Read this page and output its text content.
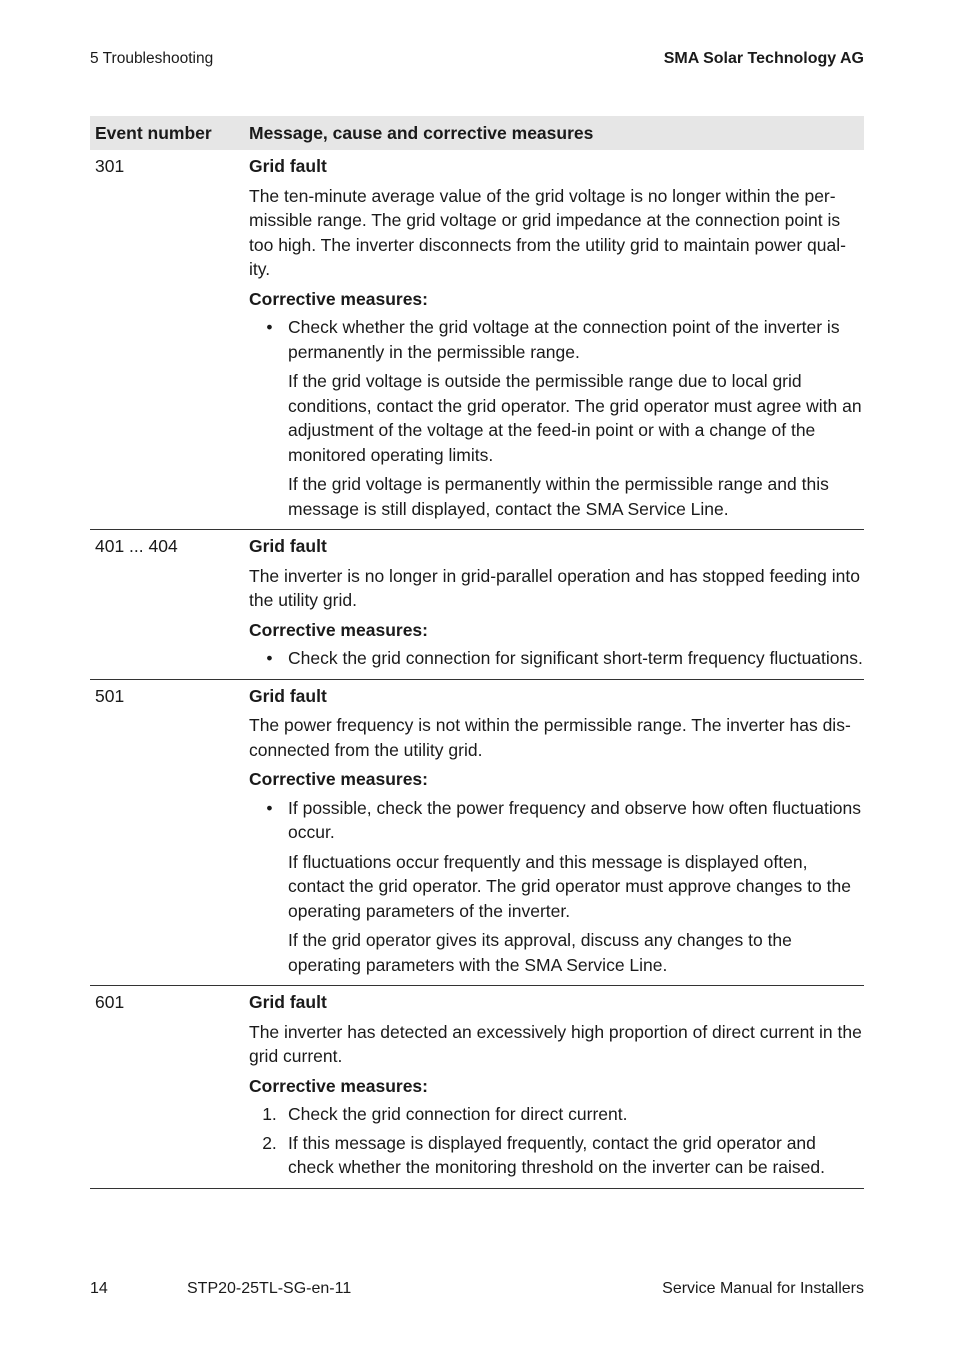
5 Troubleshooting	SMA Solar Technology AG
Event number	Message, cause and corrective measures
301	Grid fault

The ten-minute average value of the grid voltage is no longer within the per-missible range. The grid voltage or grid impedance at the connection point is too high. The inverter disconnects from the utility grid to maintain power qual-ity.

Corrective measures:

• Check whether the grid voltage at the connection point of the inverter is permanently in the permissible range.

If the grid voltage is outside the permissible range due to local grid conditions, contact the grid operator. The grid operator must agree with an adjustment of the voltage at the feed-in point or with a change of the monitored operating limits.

If the grid voltage is permanently within the permissible range and this message is still displayed, contact the SMA Service Line.

401 ... 404	Grid fault

The inverter is no longer in grid-parallel operation and has stopped feeding into the utility grid.

Corrective measures:

• Check the grid connection for significant short-term frequency fluctuations.

501	Grid fault

The power frequency is not within the permissible range. The inverter has dis-connected from the utility grid.

Corrective measures:

• If possible, check the power frequency and observe how often fluctuations occur.

If fluctuations occur frequently and this message is displayed often, contact the grid operator. The grid operator must approve changes to the operating parameters of the inverter.

If the grid operator gives its approval, discuss any changes to the operating parameters with the SMA Service Line.

601	Grid fault

The inverter has detected an excessively high proportion of direct current in the grid current.

Corrective measures:

1. Check the grid connection for direct current.

2. If this message is displayed frequently, contact the grid operator and check whether the monitoring threshold on the inverter can be raised.

14	STP20-25TL-SG-en-11	Service Manual for Installers
